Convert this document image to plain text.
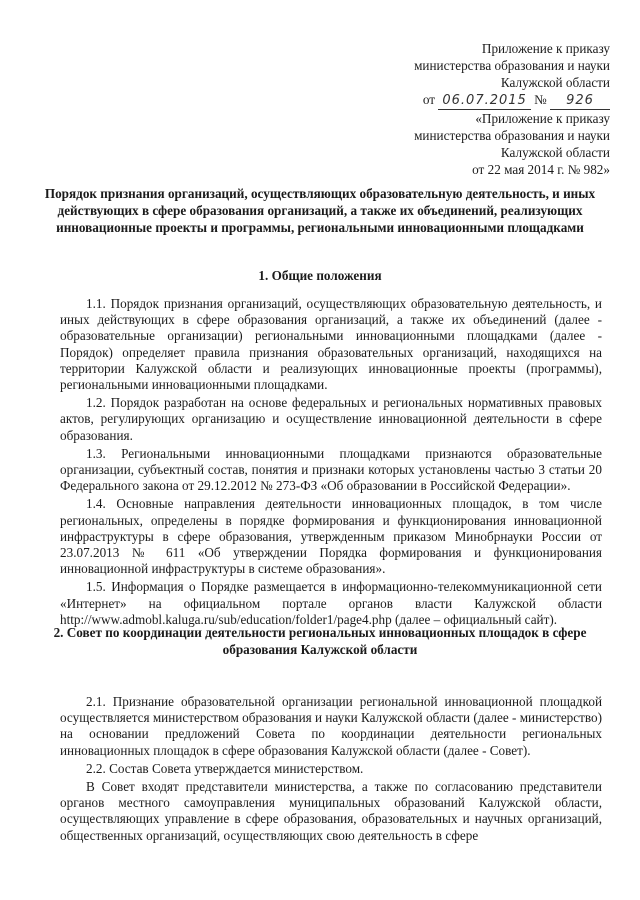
Приложение к приказу
министерства образования и науки
Калужской области
от 06.07.2015 № 926
«Приложение к приказу
министерства образования и науки
Калужской области
от 22 мая 2014 г. № 982»
Порядок признания организаций, осуществляющих образовательную деятельность, и иных действующих в сфере образования организаций, а также их объединений, реализующих инновационные проекты и программы, региональными инновационными площадками
1. Общие положения

1.1. Порядок признания организаций, осуществляющих образовательную деятельность, и иных действующих в сфере образования организаций, а также их объединений (далее - образовательные организации) региональными инновационными площадками (далее - Порядок) определяет правила признания образовательных организаций, находящихся на территории Калужской области и реализующих инновационные проекты (программы), региональными инновационными площадками.

1.2. Порядок разработан на основе федеральных и региональных нормативных правовых актов, регулирующих организацию и осуществление инновационной деятельности в сфере образования.

1.3. Региональными инновационными площадками признаются образовательные организации, субъектный состав, понятия и признаки которых установлены частью 3 статьи 20 Федерального закона от 29.12.2012 № 273-ФЗ «Об образовании в Российской Федерации».

1.4. Основные направления деятельности инновационных площадок, в том числе региональных, определены в порядке формирования и функционирования инновационной инфраструктуры в сфере образования, утвержденным приказом Минобрнауки России от 23.07.2013 № 611 «Об утверждении Порядка формирования и функционирования инновационной инфраструктуры в системе образования».

1.5. Информация о Порядке размещается в информационно-телекоммуникационной сети «Интернет» на официальном портале органов власти Калужской области http://www.admobl.kaluga.ru/sub/education/folder1/page4.php (далее – официальный сайт).

2. Совет по координации деятельности региональных инновационных площадок в сфере образования Калужской области

2.1. Признание образовательной организации региональной инновационной площадкой осуществляется министерством образования и науки Калужской области (далее - министерство) на основании предложений Совета по координации деятельности региональных инновационных площадок в сфере образования Калужской области (далее - Совет).

2.2. Состав Совета утверждается министерством.

В Совет входят представители министерства, а также по согласованию представители органов местного самоуправления муниципальных образований Калужской области, осуществляющих управление в сфере образования, образовательных и научных организаций, общественных организаций, осуществляющих свою деятельность в сфере
